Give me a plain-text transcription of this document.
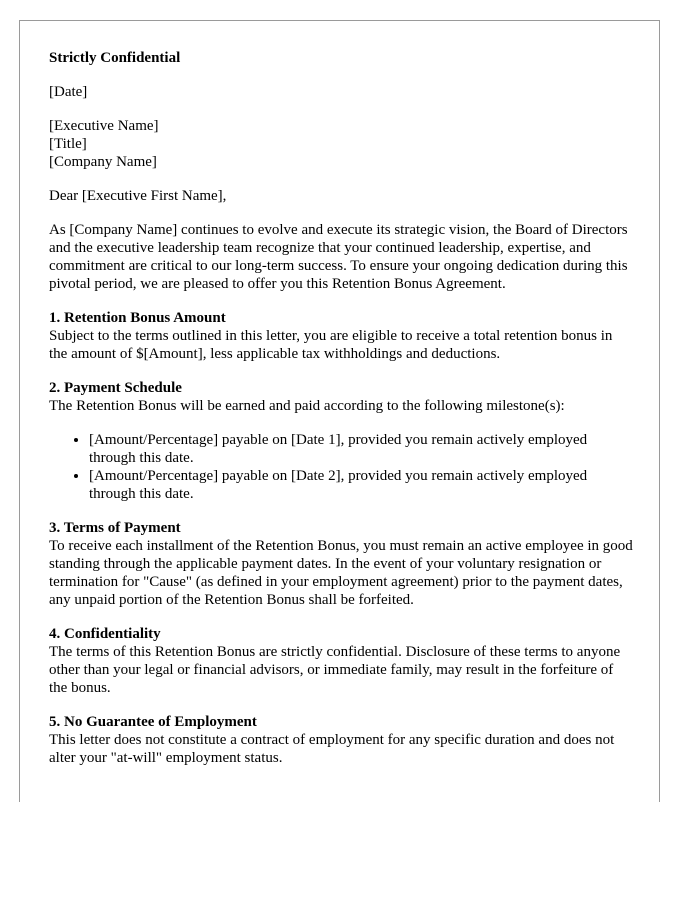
Strictly Confidential

[Date]

[Executive Name]
[Title]
[Company Name]

Dear [Executive First Name],

As [Company Name] continues to evolve and execute its strategic vision, the Board of Directors and the executive leadership team recognize that your continued leadership, expertise, and commitment are critical to our long-term success. To ensure your ongoing dedication during this pivotal period, we are pleased to offer you this Retention Bonus Agreement.

1. Retention Bonus Amount
Subject to the terms outlined in this letter, you are eligible to receive a total retention bonus in the amount of $[Amount], less applicable tax withholdings and deductions.
2. Payment Schedule
The Retention Bonus will be earned and paid according to the following milestone(s):
• [Amount/Percentage] payable on [Date 1], provided you remain actively employed through this date.
• [Amount/Percentage] payable on [Date 2], provided you remain actively employed through this date.
3. Terms of Payment
To receive each installment of the Retention Bonus, you must remain an active employee in good standing through the applicable payment dates. In the event of your voluntary resignation or termination for "Cause" (as defined in your employment agreement) prior to the payment dates, any unpaid portion of the Retention Bonus shall be forfeited.
4. Confidentiality
The terms of this Retention Bonus are strictly confidential. Disclosure of these terms to anyone other than your legal or financial advisors, or immediate family, may result in the forfeiture of the bonus.
5. No Guarantee of Employment
This letter does not constitute a contract of employment for any specific duration and does not alter your "at-will" employment status.
